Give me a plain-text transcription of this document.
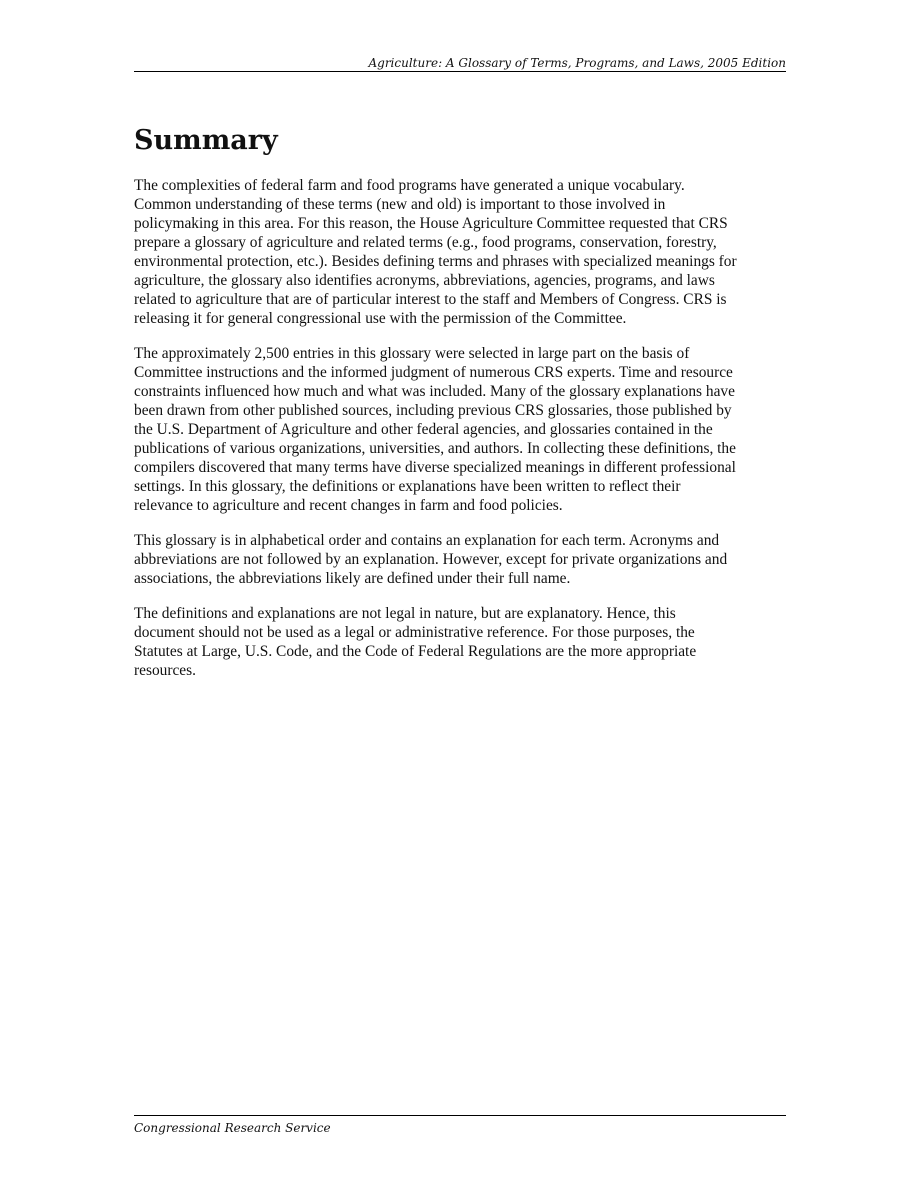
Agriculture: A Glossary of Terms, Programs, and Laws, 2005 Edition
Summary

The complexities of federal farm and food programs have generated a unique vocabulary.
Common understanding of these terms (new and old) is important to those involved in
policymaking in this area. For this reason, the House Agriculture Committee requested that CRS
prepare a glossary of agriculture and related terms (e.g., food programs, conservation, forestry,
environmental protection, etc.). Besides defining terms and phrases with specialized meanings for
agriculture, the glossary also identifies acronyms, abbreviations, agencies, programs, and laws
related to agriculture that are of particular interest to the staff and Members of Congress. CRS is
releasing it for general congressional use with the permission of the Committee.

The approximately 2,500 entries in this glossary were selected in large part on the basis of
Committee instructions and the informed judgment of numerous CRS experts. Time and resource
constraints influenced how much and what was included. Many of the glossary explanations have
been drawn from other published sources, including previous CRS glossaries, those published by
the U.S. Department of Agriculture and other federal agencies, and glossaries contained in the
publications of various organizations, universities, and authors. In collecting these definitions, the
compilers discovered that many terms have diverse specialized meanings in different professional
settings. In this glossary, the definitions or explanations have been written to reflect their
relevance to agriculture and recent changes in farm and food policies.

This glossary is in alphabetical order and contains an explanation for each term. Acronyms and
abbreviations are not followed by an explanation. However, except for private organizations and
associations, the abbreviations likely are defined under their full name.

The definitions and explanations are not legal in nature, but are explanatory. Hence, this
document should not be used as a legal or administrative reference. For those purposes, the
Statutes at Large, U.S. Code, and the Code of Federal Regulations are the more appropriate
resources.

Congressional Research Service
